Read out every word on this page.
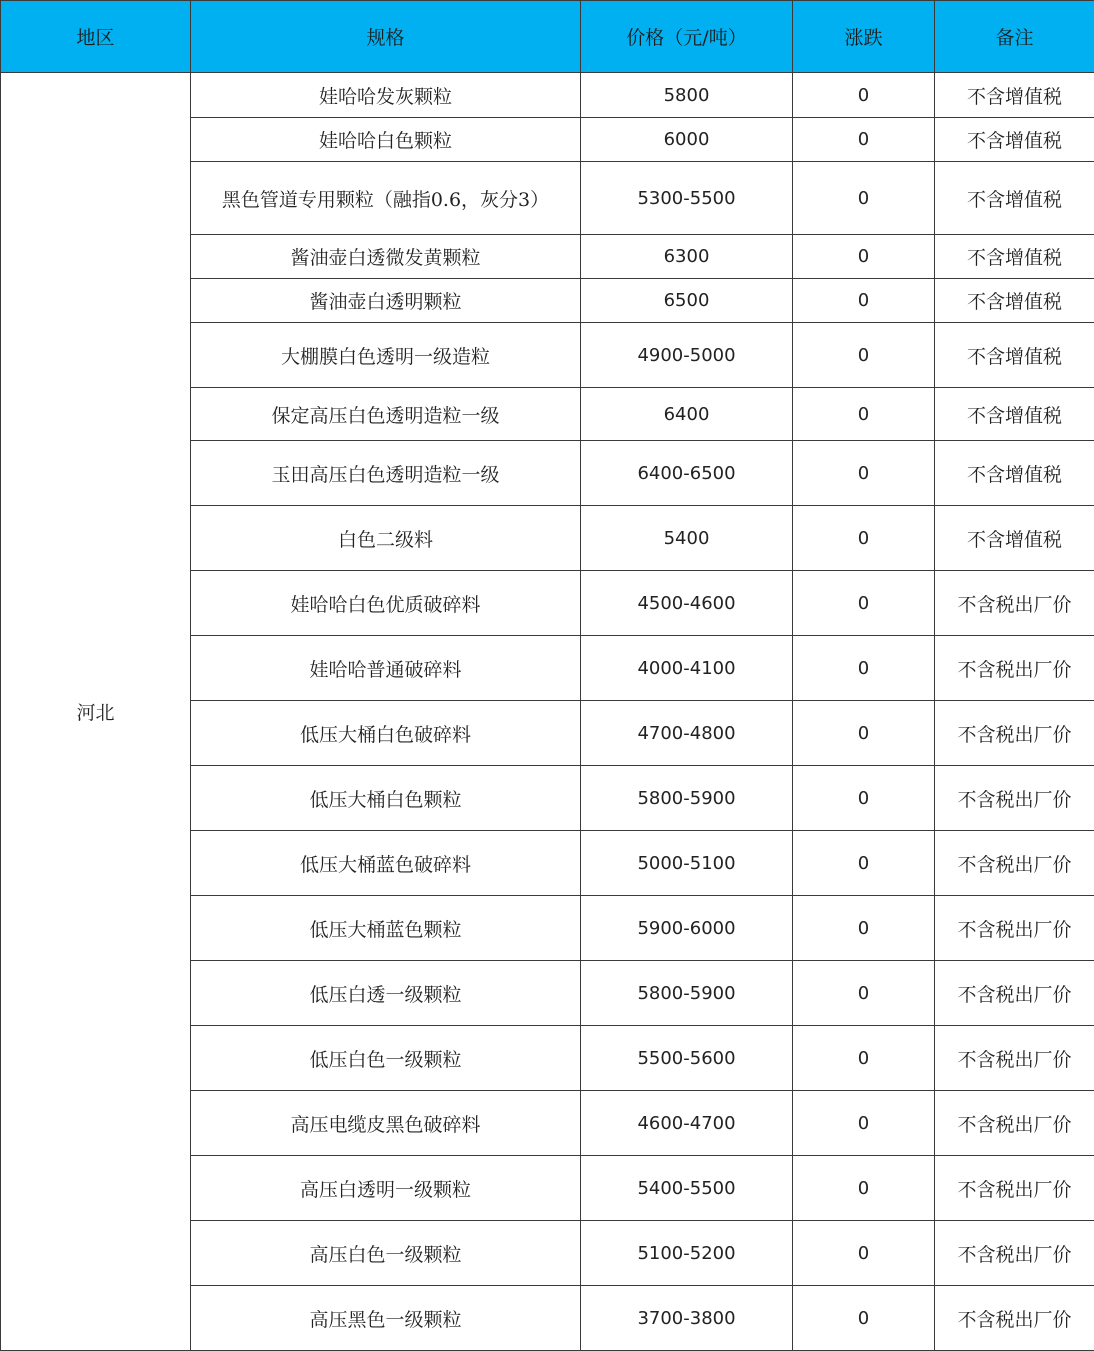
地区	规格	价格（元/吨）	涨跌	备注
河北	娃哈哈发灰颗粒	5800	0	不含增值税
	娃哈哈白色颗粒	6000	0	不含增值税
	黑色管道专用颗粒（融指0.6，灰分3）	5300-5500	0	不含增值税
	酱油壶白透微发黄颗粒	6300	0	不含增值税
	酱油壶白透明颗粒	6500	0	不含增值税
	大棚膜白色透明一级造粒	4900-5000	0	不含增值税
	保定高压白色透明造粒一级	6400	0	不含增值税
	玉田高压白色透明造粒一级	6400-6500	0	不含增值税
	白色二级料	5400	0	不含增值税
	娃哈哈白色优质破碎料	4500-4600	0	不含税出厂价
	娃哈哈普通破碎料	4000-4100	0	不含税出厂价
	低压大桶白色破碎料	4700-4800	0	不含税出厂价
	低压大桶白色颗粒	5800-5900	0	不含税出厂价
	低压大桶蓝色破碎料	5000-5100	0	不含税出厂价
	低压大桶蓝色颗粒	5900-6000	0	不含税出厂价
	低压白透一级颗粒	5800-5900	0	不含税出厂价
	低压白色一级颗粒	5500-5600	0	不含税出厂价
	高压电缆皮黑色破碎料	4600-4700	0	不含税出厂价
	高压白透明一级颗粒	5400-5500	0	不含税出厂价
	高压白色一级颗粒	5100-5200	0	不含税出厂价
	高压黑色一级颗粒	3700-3800	0	不含税出厂价
